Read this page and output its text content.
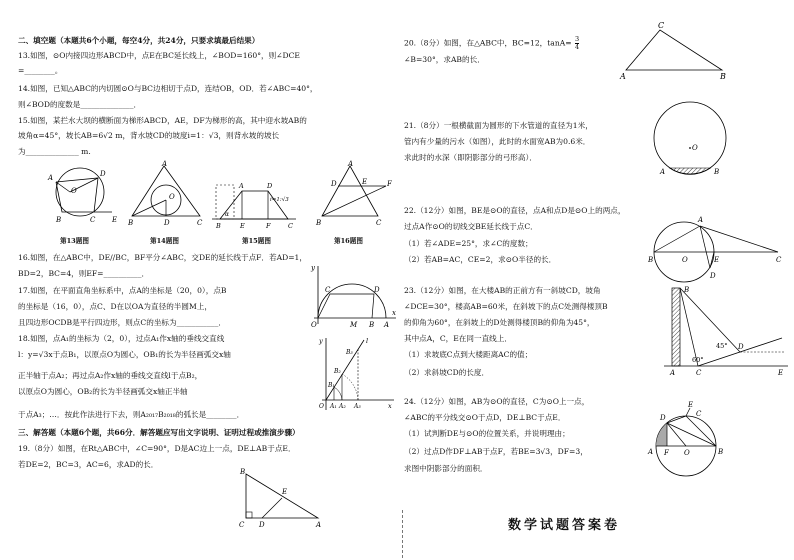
二、填空题（本题共6个小题，每空4分，共24分，只要求填最后结果）
13.如图，⊙O内接四边形ABCD中，点E在BC延长线上，∠BOD=160°，则∠DCE
=________。
14.如图，已知△ABC的内切圆⊙O与BC边相切于点D，连结OB，OD．若∠ABC=40°，
则∠BOD的度数是______________．
15.如图，某拦水大坝的横断面为梯形ABCD，AE，DF为梯形的高，其中迎水坡AB的
坡角α=45°，坡长AB=6√2 m，背水坡CD的坡度i=1：√3，则背水坡的坡长
为______________ m.
A	D
O
B	C E
第13题图
A
O
B	D	C
第14题图
A	D
B	E	F	C
α
i=1:√3
第15题图
A
D	E	F
B	C
第16题图
16.如图，在△ABC中，DE//BC，BF平分∠ABC，交DE的延长线于点F．若AD=1，
BD=2，BC=4，则EF=__________．
17.如图，在平面直角坐标系中，点A的坐标是（20，0），点B
的坐标是（16，0），点C、D在以OA为直径的半圆M上，
且四边形OCDB是平行四边形，则点C的坐标为___________．
y
C	D
O	M B A
x
18.如图，点A₁的坐标为（2，0），过点A₁作x轴的垂线交直线
l：y=√3x于点B₁，以原点O为圆心，OB₁的长为半径画弧交x轴
正半轴于点A₂；再过点A₂作x轴的垂线交直线l于点B₂，
以原点O为圆心，OB₂的长为半径画弧交x轴正半轴
于点A₃；…．按此作法进行下去，则A₂₀₁₇B₂₀₁₈的弧长是________．
y	l
B₃
B₂
B₁
O A₁ A₂ A₃	x
三、解答题（本题6个题，共66分．解答题应写出文字说明、证明过程或推演步骤）
19.（8分）如图，在Rt△ABC中，∠C=90°，D是AC边上一点，DE⊥AB于点E．
若DE=2，BC=3，AC=6，求AD的长．
B
E
C D	A
20.（8分）如图，在△ABC中，BC=12，$\tan A= \frac{3}{4}$
∠B=30°，求AB的长．
C
A	B
21.（8分）一根横截面为圆形的下水管道的直径为1米，
管内有少量的污水（如图），此时的水面宽AB为0.6米．
求此时的水深（即阴影部分的弓形高）．
O
A	B
22.（12分）如图，BE是⊙O的直径，点A和点D是⊙O上的两点，
过点A作⊙O的切线交BE延长线于点C．
（1）若∠ADE=25°，求∠C的度数；
（2）若AB=AC，CE=2，求⊙O半径的长．
A
B	O	E	C
D
23.（12分）如图，在大楼AB的正前方有一斜坡CD，坡角
∠DCE=30°，楼高AB=60米，在斜坡下的点C处测得楼顶B
的仰角为60°，在斜坡上的D处测得楼顶B的仰角为45°，
其中点A，C，E在同一直线上．
（1）求坡底C点到大楼距离AC的值；
（2）求斜坡CD的长度．
B
D
45°
60°
A	C	E
24.（12分）如图，AB为⊙O的直径，C为⊙O上一点，
∠ABC的平分线交⊙O于点D，DE⊥BC于点E．
（1）试判断DE与⊙O的位置关系，并说明理由；
（2）过点D作DF⊥AB于点F，若BE=3√3，DF=3，
求图中阴影部分的面积．
E
C
D
A	O
F	B
数学试题答案卷
